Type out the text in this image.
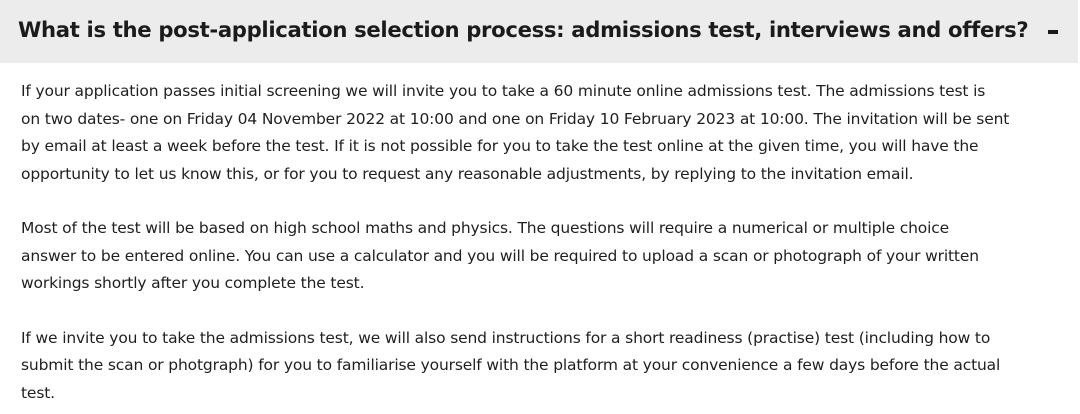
What is the post-application selection process: admissions test, interviews and offers?

If your application passes initial screening we will invite you to take a 60 minute online admissions test. The admissions test is
on two dates- one on Friday 04 November 2022 at 10:00 and one on Friday 10 February 2023 at 10:00. The invitation will be sent
by email at least a week before the test. If it is not possible for you to take the test online at the given time, you will have the
opportunity to let us know this, or for you to request any reasonable adjustments, by replying to the invitation email.

Most of the test will be based on high school maths and physics. The questions will require a numerical or multiple choice
answer to be entered online. You can use a calculator and you will be required to upload a scan or photograph of your written
workings shortly after you complete the test.

If we invite you to take the admissions test, we will also send instructions for a short readiness (practise) test (including how to
submit the scan or photgraph) for you to familiarise yourself with the platform at your convenience a few days before the actual
test.
